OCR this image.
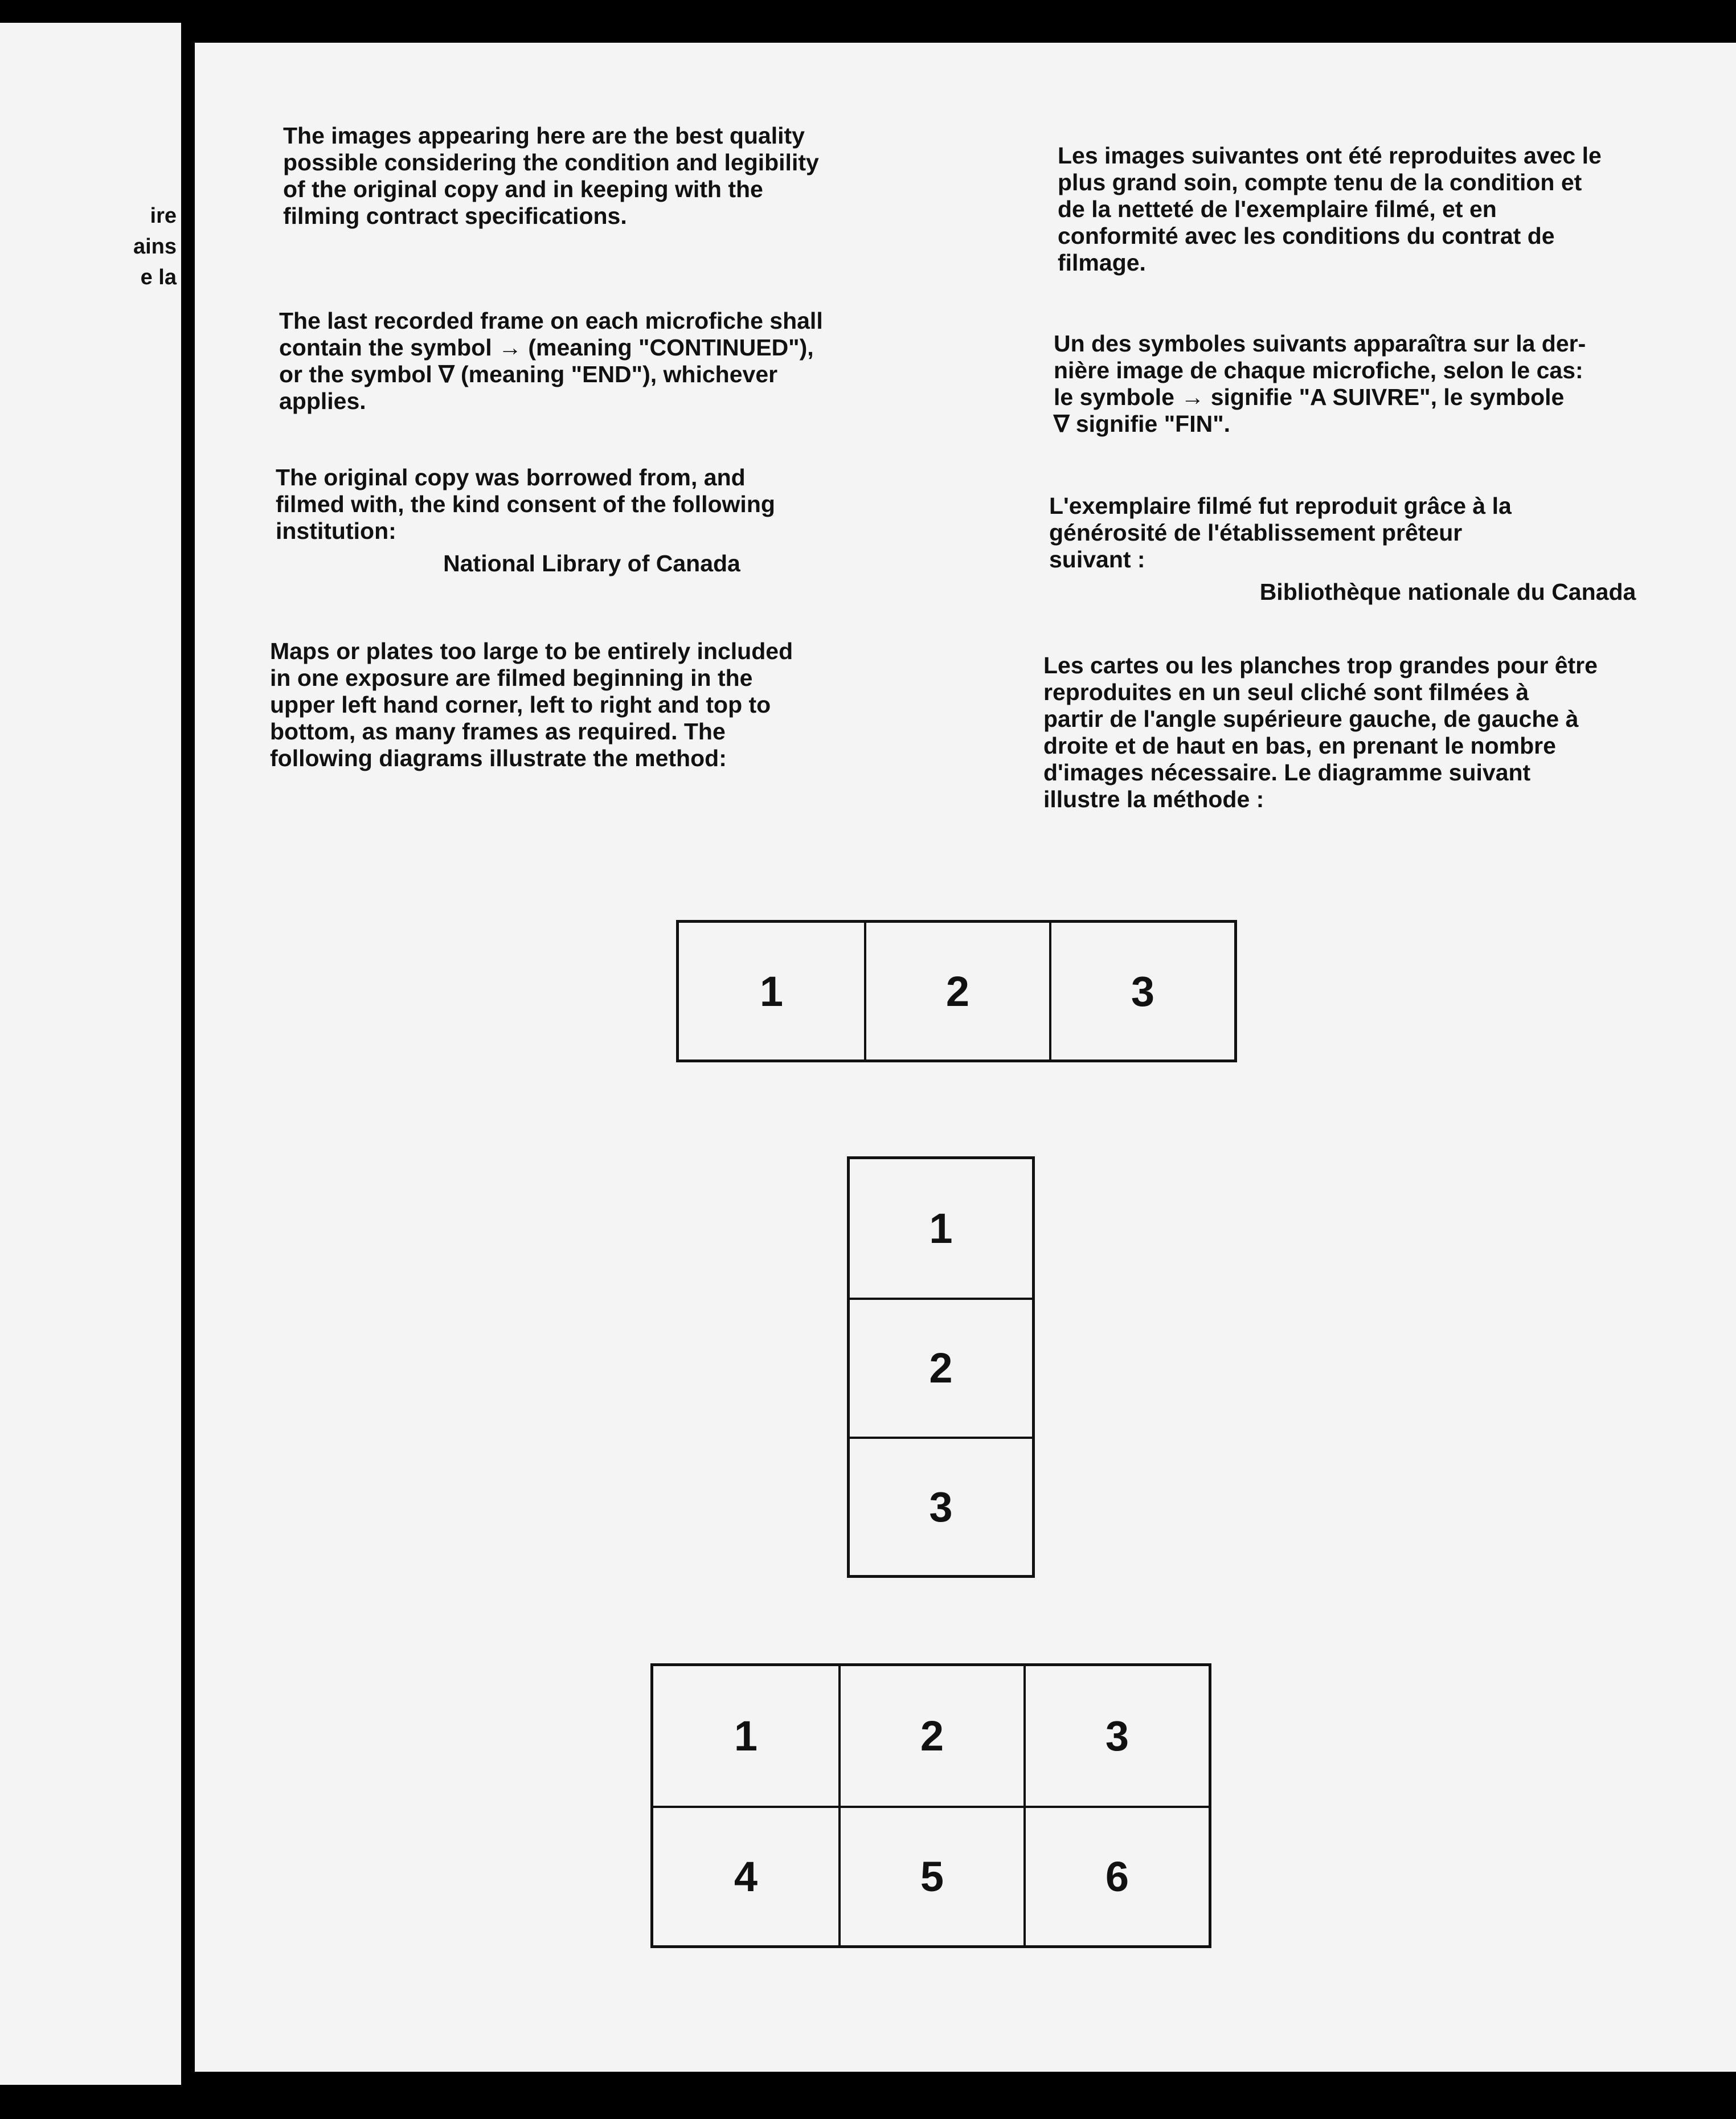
ire
ains
e la

The images appearing here are the best quality
possible considering the condition and legibility
of the original copy and in keeping with the
filming contract specifications.

The last recorded frame on each microfiche shall
contain the symbol → (meaning "CONTINUED"),
or the symbol ∇ (meaning "END"), whichever
applies.

The original copy was borrowed from, and
filmed with, the kind consent of the following
institution:

National Library of Canada

Maps or plates too large to be entirely included
in one exposure are filmed beginning in the
upper left hand corner, left to right and top to
bottom, as many frames as required. The
following diagrams illustrate the method:

Les images suivantes ont été reproduites avec le
plus grand soin, compte tenu de la condition et
de la netteté de l'exemplaire filmé, et en
conformité avec les conditions du contrat de
filmage.

Un des symboles suivants apparaîtra sur la der-
nière image de chaque microfiche, selon le cas:
le symbole → signifie "A SUIVRE", le symbole
∇ signifie "FIN".

L'exemplaire filmé fut reproduit grâce à la
générosité de l'établissement prêteur
suivant :

Bibliothèque nationale du Canada

Les cartes ou les planches trop grandes pour être
reproduites en un seul cliché sont filmées à
partir de l'angle supérieure gauche, de gauche à
droite et de haut en bas, en prenant le nombre
d'images nécessaire. Le diagramme suivant
illustre la méthode :

1	2	3
1
2
3
1	2	3
4	5	6
